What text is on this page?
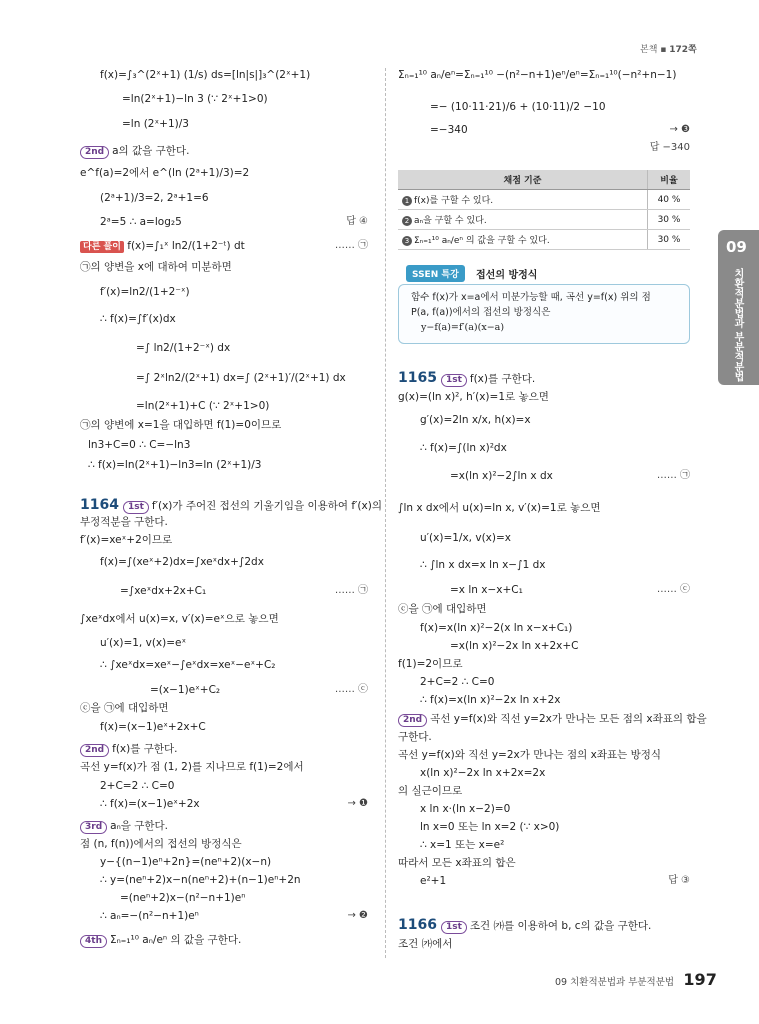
본책 ▪ 172쪽
f(x)=∫₃^(2ˣ+1) (1/s) ds=[ln|s|]₃^(2ˣ+1)
=ln(2ˣ+1)−ln 3 (∵ 2ˣ+1>0)
=ln (2ˣ+1)/3
2nd a의 값을 구한다.
e^f(a)=2에서 e^(ln (2ᵃ+1)/3)=2
(2ᵃ+1)/3=2, 2ᵃ+1=6
2ᵃ=5 ∴ a=log₂5
다른 풀이 f(x)=∫₁ˣ ln2/(1+2⁻ᵗ) dt
㉠의 양변을 x에 대하여 미분하면
f′(x)=ln2/(1+2⁻ˣ)
∴ f(x)=∫f′(x)dx
=∫ ln2/(1+2⁻ˣ) dx
=∫ 2ˣln2/(2ˣ+1) dx=∫ (2ˣ+1)′/(2ˣ+1) dx
=ln(2ˣ+1)+C (∵ 2ˣ+1>0)
㉠의 양변에 x=1을 대입하면 f(1)=0이므로
ln3+C=0 ∴ C=−ln3
∴ f(x)=ln(2ˣ+1)−ln3=ln (2ˣ+1)/3
1164 1st f′(x)가 주어진 접선의 기울기임을 이용하여 f′(x)의
부정적분을 구한다.
f′(x)=xeˣ+2이므로
f(x)=∫(xeˣ+2)dx=∫xeˣdx+∫2dx
=∫xeˣdx+2x+C₁
∫xeˣdx에서 u(x)=x, v′(x)=eˣ으로 놓으면
u′(x)=1, v(x)=eˣ
∴ ∫xeˣdx=xeˣ−∫eˣdx=xeˣ−eˣ+C₂
=(x−1)eˣ+C₂
ⓒ을 ㉠에 대입하면
f(x)=(x−1)eˣ+2x+C
2nd f(x)를 구한다.
곡선 y=f(x)가 점 (1, 2)를 지나므로 f(1)=2에서
2+C=2 ∴ C=0
∴ f(x)=(x−1)eˣ+2x
3rd aₙ을 구한다.
점 (n, f(n))에서의 접선의 방정식은
y−{(n−1)eⁿ+2n}=(neⁿ+2)(x−n)
∴ y=(neⁿ+2)x−n(neⁿ+2)+(n−1)eⁿ+2n
=(neⁿ+2)x−(n²−n+1)eⁿ
∴ aₙ=−(n²−n+1)eⁿ
4th Σₙ₌₁¹⁰ aₙ/eⁿ 의 값을 구한다.
답 ④
…… ㉠
…… ㉠
…… ⓒ
→ ❶
→ ❷
Σₙ₌₁¹⁰ aₙ/eⁿ=Σₙ₌₁¹⁰ −(n²−n+1)eⁿ/eⁿ=Σₙ₌₁¹⁰(−n²+n−1)
=− (10·11·21)/6 + (10·11)/2 −10
=−340
1165 1st f(x)를 구한다.
g(x)=(ln x)², h′(x)=1로 놓으면
g′(x)=2ln x/x, h(x)=x
∴ f(x)=∫(ln x)²dx
=x(ln x)²−2∫ln x dx
∫ln x dx에서 u(x)=ln x, v′(x)=1로 놓으면
u′(x)=1/x, v(x)=x
∴ ∫ln x dx=x ln x−∫1 dx
=x ln x−x+C₁
ⓒ을 ㉠에 대입하면
f(x)=x(ln x)²−2(x ln x−x+C₁)
=x(ln x)²−2x ln x+2x+C
f(1)=2이므로
2+C=2 ∴ C=0
∴ f(x)=x(ln x)²−2x ln x+2x
2nd 곡선 y=f(x)와 직선 y=2x가 만나는 모든 점의 x좌표의 합을
구한다.
곡선 y=f(x)와 직선 y=2x가 만나는 점의 x좌표는 방정식
x(ln x)²−2x ln x+2x=2x
의 실근이므로
x ln x·(ln x−2)=0
ln x=0 또는 ln x=2 (∵ x>0)
∴ x=1 또는 x=e²
따라서 모든 x좌표의 합은
e²+1
1166 1st 조건 ㈎를 이용하여 b, c의 값을 구한다.
조건 ㈎에서
→ ❸
답 −340
…… ㉠
…… ⓒ
답 ③
채점 기준	비율
1 f(x)를 구할 수 있다.	40 %
2 aₙ을 구할 수 있다.	30 %
3 Σₙ₌₁¹⁰ aₙ/eⁿ 의 값을 구할 수 있다.	30 %
SSEN 특강	접선의 방정식
함수 f(x)가 x=a에서 미분가능할 때, 곡선 y=f(x) 위의 점
P(a, f(a))에서의 접선의 방정식은
y−f(a)=f′(a)(x−a)
09
치환적분법과 부분적분법
09 치환적분법과 부분적분법 197
